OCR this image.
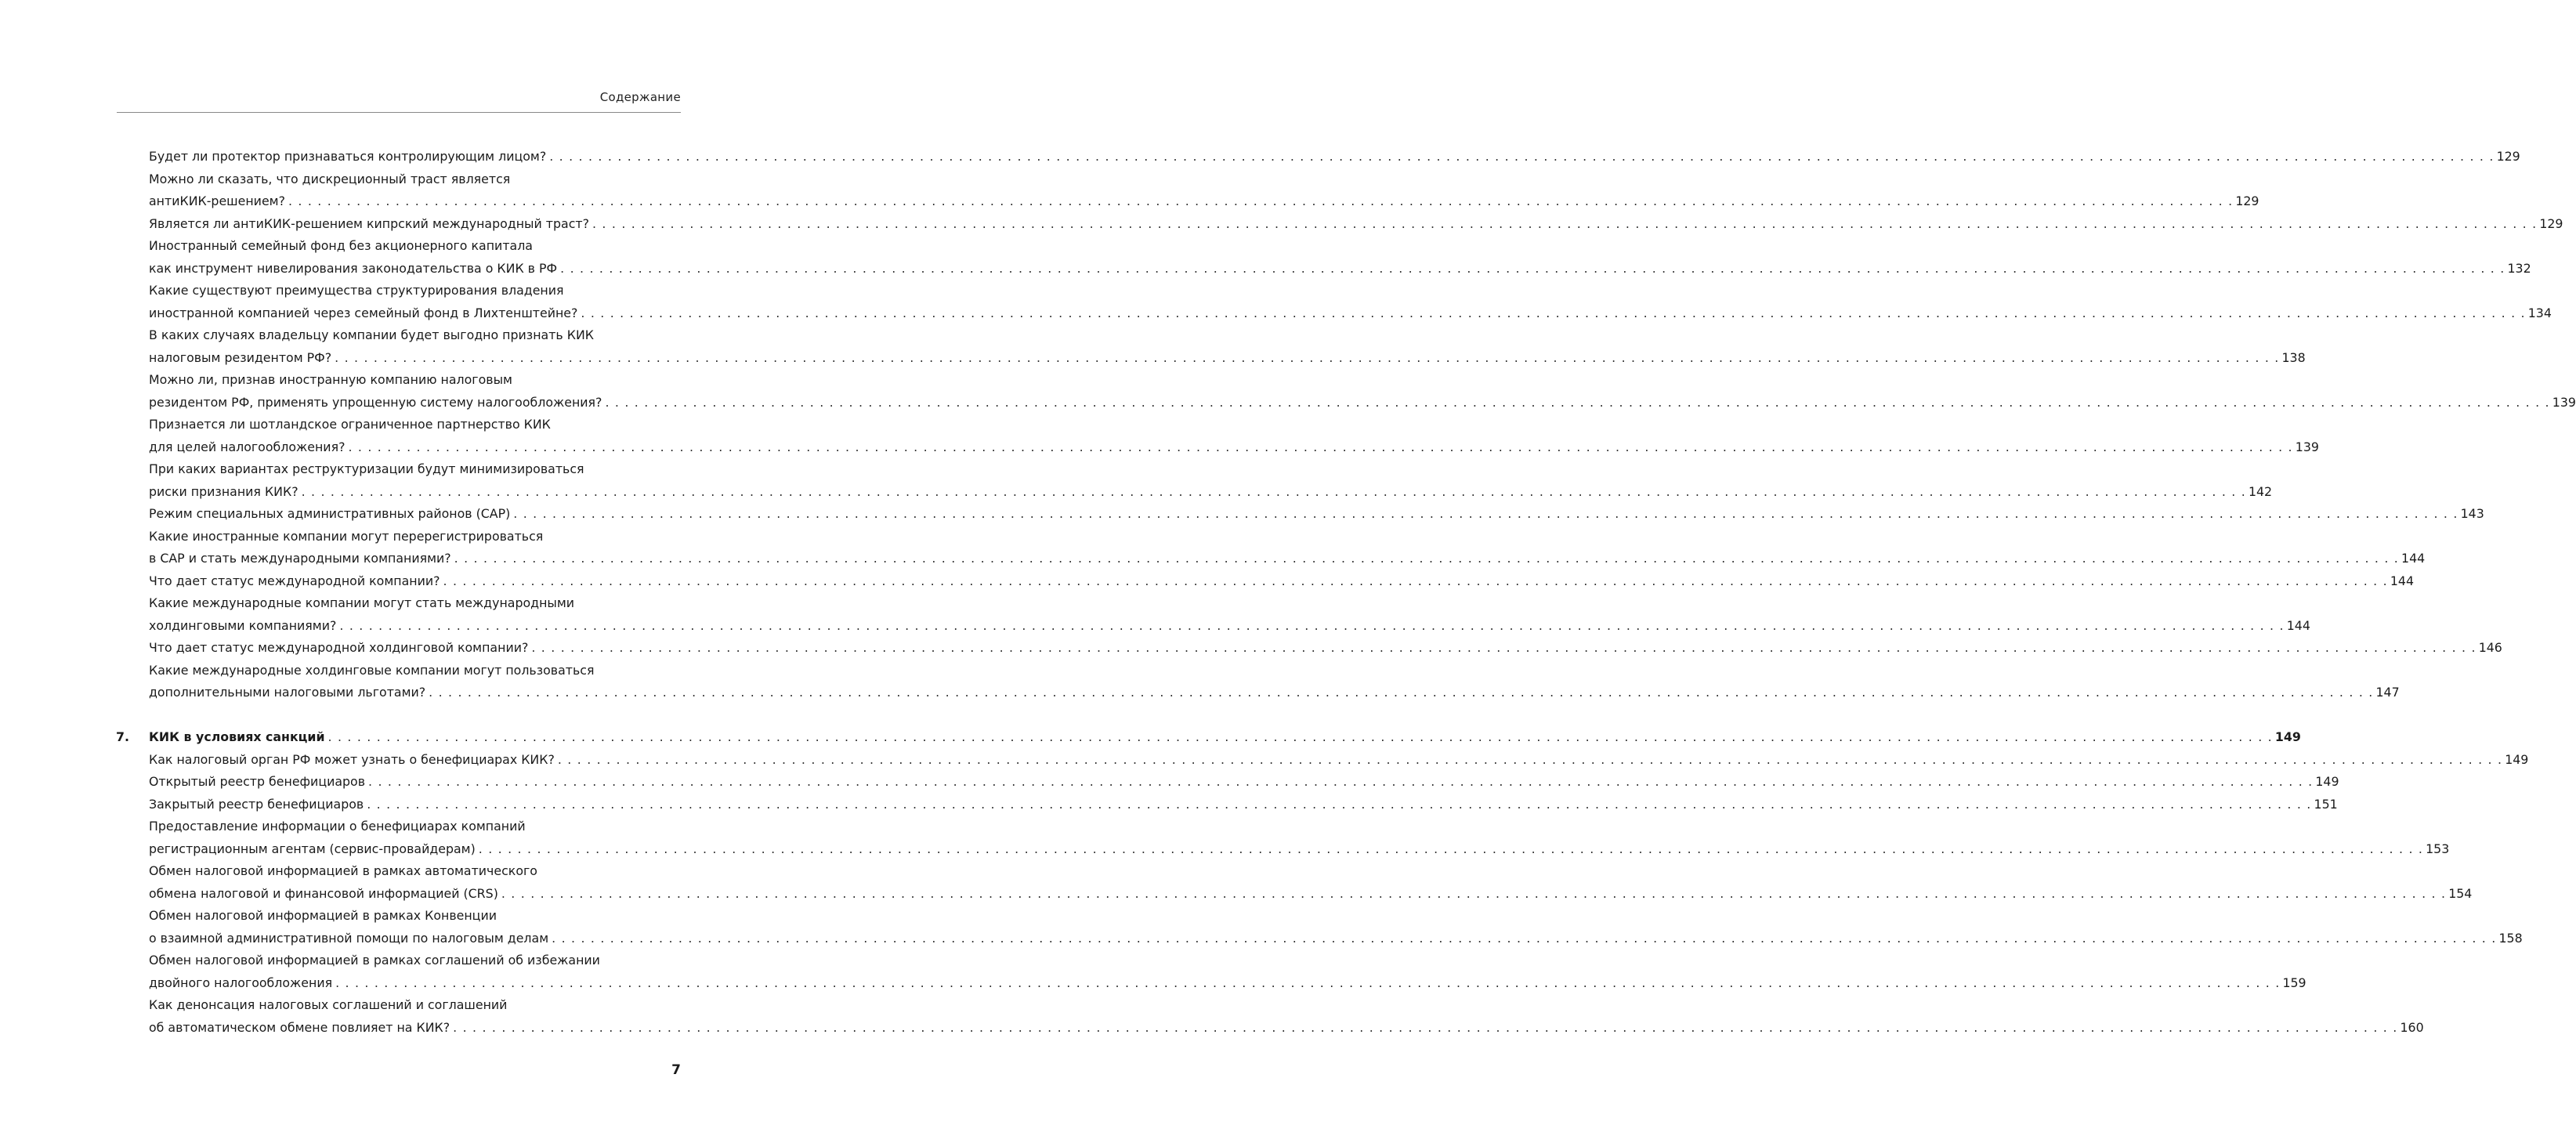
Содержание
Будет ли протектор признаваться контролирующим лицом? . . . . . . . . . . . . . . . . . . . . . . . . . . . . . . . . . . . . . . . . . . . . . . . . . . . . . . . . . . . . . . . . . . . . . . . . . . . . . . . . . . . . . . . . . . . . . . . . . . . . . . . . . . . . . . . . . . . . . . . . . . . . . . . . . . . . . . . . . . . . . . . . . . . . . . . . . . . . . . . . . . . . . . . . . . . . . . . . . . . . . . . . . . . . . . . . . . . . . . . . 129
Можно ли сказать, что дискреционный траст является
антиКИК-решением? . . . . . . . . . . . . . . . . . . . . . . . . . . . . . . . . . . . . . . . . . . . . . . . . . . . . . . . . . . . . . . . . . . . . . . . . . . . . . . . . . . . . . . . . . . . . . . . . . . . . . . . . . . . . . . . . . . . . . . . . . . . . . . . . . . . . . . . . . . . . . . . . . . . . . . . . . . . . . . . . . . . . . . . . . . . . . . . . . . . . . . . . . . . . . . . . . . . . . . . . 129
Является ли антиКИК-решением кипрский международный траст? . . . . . . . . . . . . . . . . . . . . . . . . . . . . . . . . . . . . . . . . . . . . . . . . . . . . . . . . . . . . . . . . . . . . . . . . . . . . . . . . . . . . . . . . . . . . . . . . . . . . . . . . . . . . . . . . . . . . . . . . . . . . . . . . . . . . . . . . . . . . . . . . . . . . . . . . . . . . . . . . . . . . . . . . . . . . . . . . . . . . . . . . . . . . . . . . . . . . . . . . 129
Иностранный семейный фонд без акционерного капитала
как инструмент нивелирования законодательства о КИК в РФ . . . . . . . . . . . . . . . . . . . . . . . . . . . . . . . . . . . . . . . . . . . . . . . . . . . . . . . . . . . . . . . . . . . . . . . . . . . . . . . . . . . . . . . . . . . . . . . . . . . . . . . . . . . . . . . . . . . . . . . . . . . . . . . . . . . . . . . . . . . . . . . . . . . . . . . . . . . . . . . . . . . . . . . . . . . . . . . . . . . . . . . . . . . . . . . . . . . . . . . . 132
Какие существуют преимущества структурирования владения
иностранной компанией через семейный фонд в Лихтенштейне? . . . . . . . . . . . . . . . . . . . . . . . . . . . . . . . . . . . . . . . . . . . . . . . . . . . . . . . . . . . . . . . . . . . . . . . . . . . . . . . . . . . . . . . . . . . . . . . . . . . . . . . . . . . . . . . . . . . . . . . . . . . . . . . . . . . . . . . . . . . . . . . . . . . . . . . . . . . . . . . . . . . . . . . . . . . . . . . . . . . . . . . . . . . . . . . . . . . . . . . . 134
В каких случаях владельцу компании будет выгодно признать КИК
налоговым резидентом РФ? . . . . . . . . . . . . . . . . . . . . . . . . . . . . . . . . . . . . . . . . . . . . . . . . . . . . . . . . . . . . . . . . . . . . . . . . . . . . . . . . . . . . . . . . . . . . . . . . . . . . . . . . . . . . . . . . . . . . . . . . . . . . . . . . . . . . . . . . . . . . . . . . . . . . . . . . . . . . . . . . . . . . . . . . . . . . . . . . . . . . . . . . . . . . . . . . . . . . . . . . 138
Можно ли, признав иностранную компанию налоговым
резидентом РФ, применять упрощенную систему налогообложения? . . . . . . . . . . . . . . . . . . . . . . . . . . . . . . . . . . . . . . . . . . . . . . . . . . . . . . . . . . . . . . . . . . . . . . . . . . . . . . . . . . . . . . . . . . . . . . . . . . . . . . . . . . . . . . . . . . . . . . . . . . . . . . . . . . . . . . . . . . . . . . . . . . . . . . . . . . . . . . . . . . . . . . . . . . . . . . . . . . . . . . . . . . . . . . . . . . . . . . . . 139
Признается ли шотландское ограниченное партнерство КИК
для целей налогообложения? . . . . . . . . . . . . . . . . . . . . . . . . . . . . . . . . . . . . . . . . . . . . . . . . . . . . . . . . . . . . . . . . . . . . . . . . . . . . . . . . . . . . . . . . . . . . . . . . . . . . . . . . . . . . . . . . . . . . . . . . . . . . . . . . . . . . . . . . . . . . . . . . . . . . . . . . . . . . . . . . . . . . . . . . . . . . . . . . . . . . . . . . . . . . . . . . . . . . . . . . 139
При каких вариантах реструктуризации будут минимизироваться
риски признания КИК? . . . . . . . . . . . . . . . . . . . . . . . . . . . . . . . . . . . . . . . . . . . . . . . . . . . . . . . . . . . . . . . . . . . . . . . . . . . . . . . . . . . . . . . . . . . . . . . . . . . . . . . . . . . . . . . . . . . . . . . . . . . . . . . . . . . . . . . . . . . . . . . . . . . . . . . . . . . . . . . . . . . . . . . . . . . . . . . . . . . . . . . . . . . . . . . . . . . . . . . . 142
Режим специальных административных районов (САР) . . . . . . . . . . . . . . . . . . . . . . . . . . . . . . . . . . . . . . . . . . . . . . . . . . . . . . . . . . . . . . . . . . . . . . . . . . . . . . . . . . . . . . . . . . . . . . . . . . . . . . . . . . . . . . . . . . . . . . . . . . . . . . . . . . . . . . . . . . . . . . . . . . . . . . . . . . . . . . . . . . . . . . . . . . . . . . . . . . . . . . . . . . . . . . . . . . . . . . . . 143
Какие иностранные компании могут перерегистрироваться
в САР и стать международными компаниями? . . . . . . . . . . . . . . . . . . . . . . . . . . . . . . . . . . . . . . . . . . . . . . . . . . . . . . . . . . . . . . . . . . . . . . . . . . . . . . . . . . . . . . . . . . . . . . . . . . . . . . . . . . . . . . . . . . . . . . . . . . . . . . . . . . . . . . . . . . . . . . . . . . . . . . . . . . . . . . . . . . . . . . . . . . . . . . . . . . . . . . . . . . . . . . . . . . . . . . . . 144
Что дает статус международной компании? . . . . . . . . . . . . . . . . . . . . . . . . . . . . . . . . . . . . . . . . . . . . . . . . . . . . . . . . . . . . . . . . . . . . . . . . . . . . . . . . . . . . . . . . . . . . . . . . . . . . . . . . . . . . . . . . . . . . . . . . . . . . . . . . . . . . . . . . . . . . . . . . . . . . . . . . . . . . . . . . . . . . . . . . . . . . . . . . . . . . . . . . . . . . . . . . . . . . . . . . 144
Какие международные компании могут стать международными
холдинговыми компаниями? . . . . . . . . . . . . . . . . . . . . . . . . . . . . . . . . . . . . . . . . . . . . . . . . . . . . . . . . . . . . . . . . . . . . . . . . . . . . . . . . . . . . . . . . . . . . . . . . . . . . . . . . . . . . . . . . . . . . . . . . . . . . . . . . . . . . . . . . . . . . . . . . . . . . . . . . . . . . . . . . . . . . . . . . . . . . . . . . . . . . . . . . . . . . . . . . . . . . . . . . 144
Что дает статус международной холдинговой компании? . . . . . . . . . . . . . . . . . . . . . . . . . . . . . . . . . . . . . . . . . . . . . . . . . . . . . . . . . . . . . . . . . . . . . . . . . . . . . . . . . . . . . . . . . . . . . . . . . . . . . . . . . . . . . . . . . . . . . . . . . . . . . . . . . . . . . . . . . . . . . . . . . . . . . . . . . . . . . . . . . . . . . . . . . . . . . . . . . . . . . . . . . . . . . . . . . . . . . . . . 146
Какие международные холдинговые компании могут пользоваться
дополнительными налоговыми льготами? . . . . . . . . . . . . . . . . . . . . . . . . . . . . . . . . . . . . . . . . . . . . . . . . . . . . . . . . . . . . . . . . . . . . . . . . . . . . . . . . . . . . . . . . . . . . . . . . . . . . . . . . . . . . . . . . . . . . . . . . . . . . . . . . . . . . . . . . . . . . . . . . . . . . . . . . . . . . . . . . . . . . . . . . . . . . . . . . . . . . . . . . . . . . . . . . . . . . . . . . 147
7. КИК в условиях санкций . . . . . . . . . . . . . . . . . . . . . . . . . . . . . . . . . . . . . . . . . . . . . . . . . . . . . . . . . . . . . . . . . . . . . . . . . . . . . . . . . . . . . . . . . . . . . . . . . . . . . . . . . . . . . . . . . . . . . . . . . . . . . . . . . . . . . . . . . . . . . . . . . . . . . . . . . . . . . . . . . . . . . . . . . . . . . . . . . . . . . . . . . . . . . . . . . . . . . . . . 149
Как налоговый орган РФ может узнать о бенефициарах КИК? . . . . . . . . . . . . . . . . . . . . . . . . . . . . . . . . . . . . . . . . . . . . . . . . . . . . . . . . . . . . . . . . . . . . . . . . . . . . . . . . . . . . . . . . . . . . . . . . . . . . . . . . . . . . . . . . . . . . . . . . . . . . . . . . . . . . . . . . . . . . . . . . . . . . . . . . . . . . . . . . . . . . . . . . . . . . . . . . . . . . . . . . . . . . . . . . . . . . . . . . 149
Открытый реестр бенефициаров . . . . . . . . . . . . . . . . . . . . . . . . . . . . . . . . . . . . . . . . . . . . . . . . . . . . . . . . . . . . . . . . . . . . . . . . . . . . . . . . . . . . . . . . . . . . . . . . . . . . . . . . . . . . . . . . . . . . . . . . . . . . . . . . . . . . . . . . . . . . . . . . . . . . . . . . . . . . . . . . . . . . . . . . . . . . . . . . . . . . . . . . . . . . . . . . . . . . . . . . 149
Закрытый реестр бенефициаров . . . . . . . . . . . . . . . . . . . . . . . . . . . . . . . . . . . . . . . . . . . . . . . . . . . . . . . . . . . . . . . . . . . . . . . . . . . . . . . . . . . . . . . . . . . . . . . . . . . . . . . . . . . . . . . . . . . . . . . . . . . . . . . . . . . . . . . . . . . . . . . . . . . . . . . . . . . . . . . . . . . . . . . . . . . . . . . . . . . . . . . . . . . . . . . . . . . . . . . . 151
Предоставление информации о бенефициарах компаний
регистрационным агентам (сервис-провайдерам) . . . . . . . . . . . . . . . . . . . . . . . . . . . . . . . . . . . . . . . . . . . . . . . . . . . . . . . . . . . . . . . . . . . . . . . . . . . . . . . . . . . . . . . . . . . . . . . . . . . . . . . . . . . . . . . . . . . . . . . . . . . . . . . . . . . . . . . . . . . . . . . . . . . . . . . . . . . . . . . . . . . . . . . . . . . . . . . . . . . . . . . . . . . . . . . . . . . . . . . . 153
Обмен налоговой информацией в рамках автоматического
обмена налоговой и финансовой информацией (CRS) . . . . . . . . . . . . . . . . . . . . . . . . . . . . . . . . . . . . . . . . . . . . . . . . . . . . . . . . . . . . . . . . . . . . . . . . . . . . . . . . . . . . . . . . . . . . . . . . . . . . . . . . . . . . . . . . . . . . . . . . . . . . . . . . . . . . . . . . . . . . . . . . . . . . . . . . . . . . . . . . . . . . . . . . . . . . . . . . . . . . . . . . . . . . . . . . . . . . . . . . 154
Обмен налоговой информацией в рамках Конвенции
о взаимной административной помощи по налоговым делам . . . . . . . . . . . . . . . . . . . . . . . . . . . . . . . . . . . . . . . . . . . . . . . . . . . . . . . . . . . . . . . . . . . . . . . . . . . . . . . . . . . . . . . . . . . . . . . . . . . . . . . . . . . . . . . . . . . . . . . . . . . . . . . . . . . . . . . . . . . . . . . . . . . . . . . . . . . . . . . . . . . . . . . . . . . . . . . . . . . . . . . . . . . . . . . . . . . . . . . . 158
Обмен налоговой информацией в рамках соглашений об избежании
двойного налогообложения . . . . . . . . . . . . . . . . . . . . . . . . . . . . . . . . . . . . . . . . . . . . . . . . . . . . . . . . . . . . . . . . . . . . . . . . . . . . . . . . . . . . . . . . . . . . . . . . . . . . . . . . . . . . . . . . . . . . . . . . . . . . . . . . . . . . . . . . . . . . . . . . . . . . . . . . . . . . . . . . . . . . . . . . . . . . . . . . . . . . . . . . . . . . . . . . . . . . . . . . 159
Как денонсация налоговых соглашений и соглашений
об автоматическом обмене повлияет на КИК? . . . . . . . . . . . . . . . . . . . . . . . . . . . . . . . . . . . . . . . . . . . . . . . . . . . . . . . . . . . . . . . . . . . . . . . . . . . . . . . . . . . . . . . . . . . . . . . . . . . . . . . . . . . . . . . . . . . . . . . . . . . . . . . . . . . . . . . . . . . . . . . . . . . . . . . . . . . . . . . . . . . . . . . . . . . . . . . . . . . . . . . . . . . . . . . . . . . . . . . . 160
7
